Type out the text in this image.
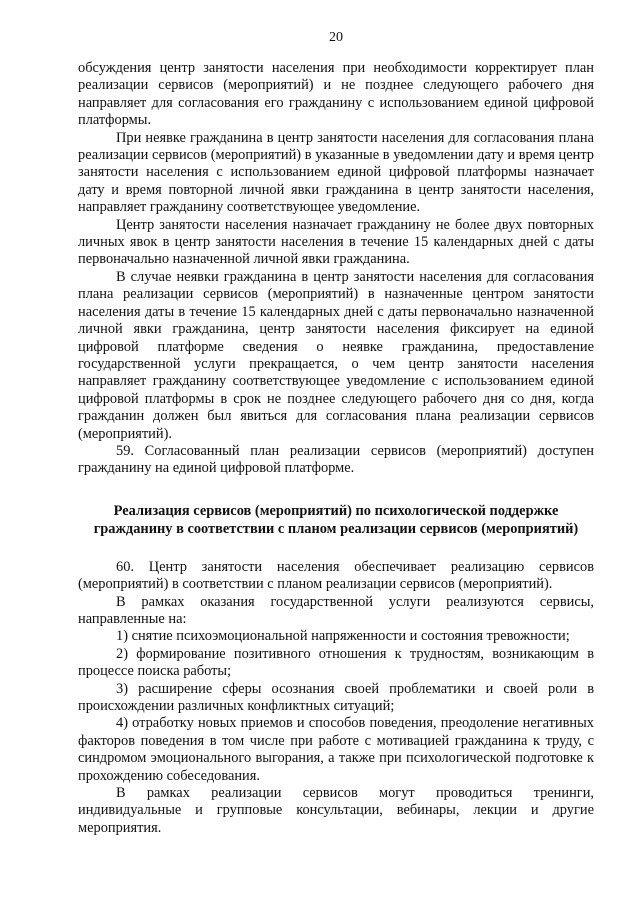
20

обсуждения центр занятости населения при необходимости корректирует план реализации сервисов (мероприятий) и не позднее следующего рабочего дня направляет для согласования его гражданину с использованием единой цифровой платформы.

При неявке гражданина в центр занятости населения для согласования плана реализации сервисов (мероприятий) в указанные в уведомлении дату и время центр занятости населения с использованием единой цифровой платформы назначает дату и время повторной личной явки гражданина в центр занятости населения, направляет гражданину соответствующее уведомление.

Центр занятости населения назначает гражданину не более двух повторных личных явок в центр занятости населения в течение 15 календарных дней с даты первоначально назначенной личной явки гражданина.

В случае неявки гражданина в центр занятости населения для согласования плана реализации сервисов (мероприятий) в назначенные центром занятости населения даты в течение 15 календарных дней с даты первоначально назначенной личной явки гражданина, центр занятости населения фиксирует на единой цифровой платформе сведения о неявке гражданина, предоставление государственной услуги прекращается, о чем центр занятости населения направляет гражданину соответствующее уведомление с использованием единой цифровой платформы в срок не позднее следующего рабочего дня со дня, когда гражданин должен был явиться для согласования плана реализации сервисов (мероприятий).

59. Согласованный план реализации сервисов (мероприятий) доступен гражданину на единой цифровой платформе.

Реализация сервисов (мероприятий) по психологической поддержке гражданину в соответствии с планом реализации сервисов (мероприятий)

60. Центр занятости населения обеспечивает реализацию сервисов (мероприятий) в соответствии с планом реализации сервисов (мероприятий).

В рамках оказания государственной услуги реализуются сервисы, направленные на:

1) снятие психоэмоциональной напряженности и состояния тревожности;

2) формирование позитивного отношения к трудностям, возникающим в процессе поиска работы;

3) расширение сферы осознания своей проблематики и своей роли в происхождении различных конфликтных ситуаций;

4) отработку новых приемов и способов поведения, преодоление негативных факторов поведения в том числе при работе с мотивацией гражданина к труду, с синдромом эмоционального выгорания, а также при психологической подготовке к прохождению собеседования.

В рамках реализации сервисов могут проводиться тренинги, индивидуальные и групповые консультации, вебинары, лекции и другие мероприятия.
